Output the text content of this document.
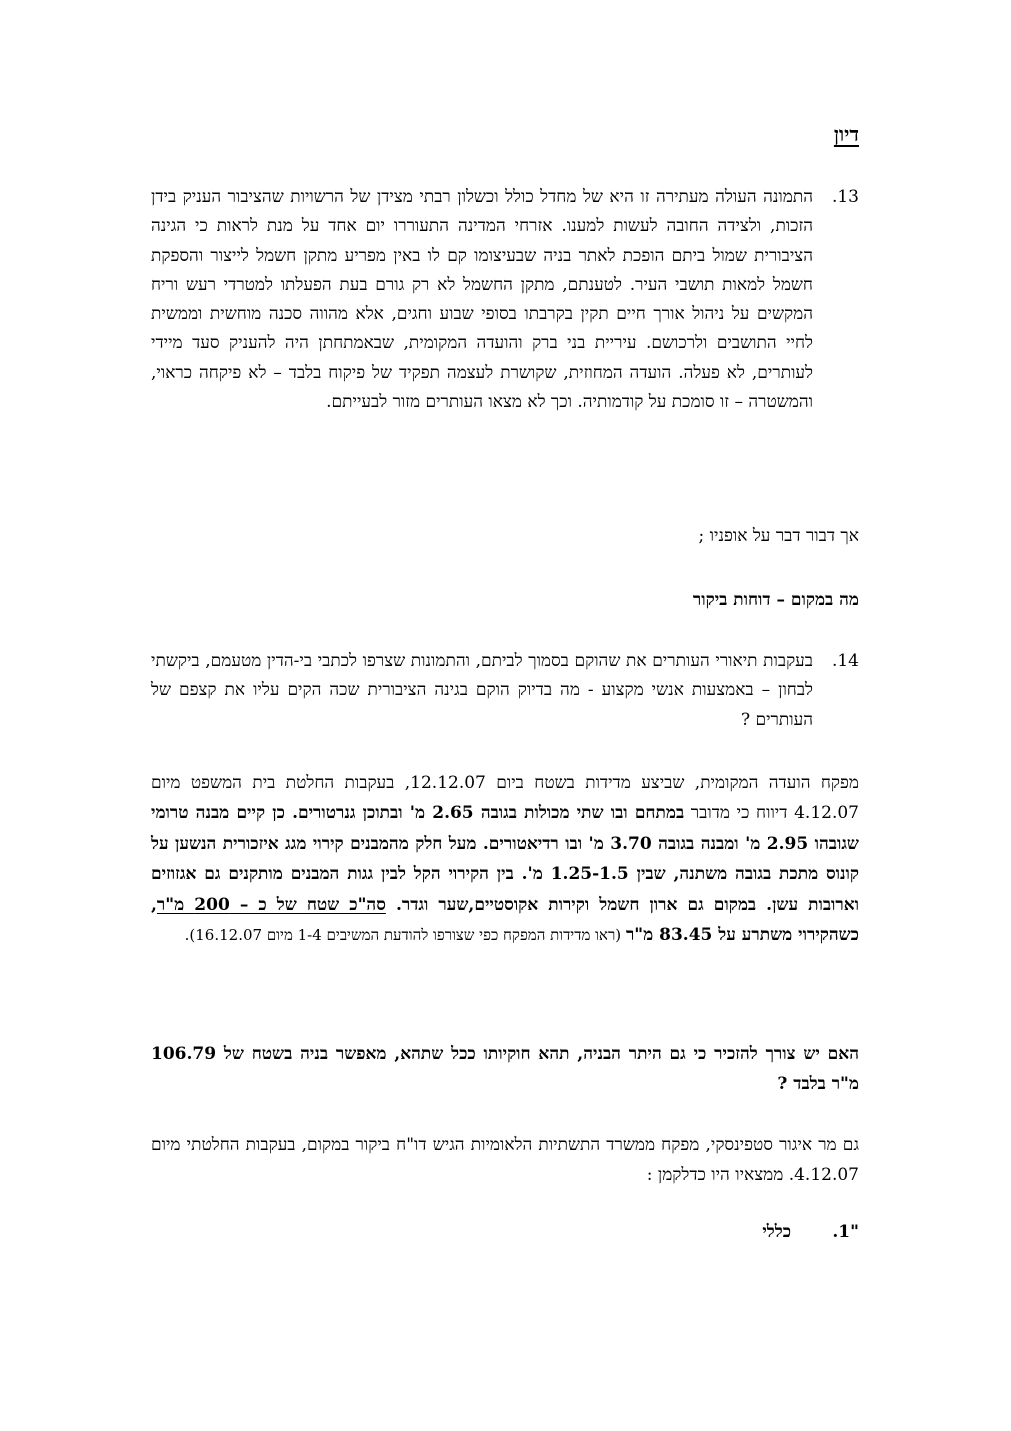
דיון
13.
התמונה העולה מעתירה זו היא של מחדל כולל וכשלון רבתי מצידן של הרשויות שהציבור העניק בידן הזכות, ולצידה החובה לעשות למענו. אזרחי המדינה התעוררו יום אחד על מנת לראות כי הגינה הציבורית שמול ביתם הופכת לאתר בניה שבעיצומו קם לו באין מפריע מתקן חשמל לייצור והספקת חשמל למאות תושבי העיר. לטענתם, מתקן החשמל לא רק גורם בעת הפעלתו למטרדי רעש וריח המקשים על ניהול אורך חיים תקין בקרבתו בסופי שבוע וחגים, אלא מהווה סכנה מוחשית וממשית לחיי התושבים ולרכושם. עיריית בני ברק והועדה המקומית, שבאמתחתן היה להעניק סעד מיידי לעותרים, לא פעלה. הועדה המחוזית, שקושרת לעצמה תפקיד של פיקוח בלבד – לא פיקחה כראוי, והמשטרה – זו סומכת על קודמותיה. וכך לא מצאו העותרים מזור לבעייתם.
אך דבור דבר על אופניו ;
מה במקום – דוחות ביקור
14.
בעקבות תיאורי העותרים את שהוקם בסמוך לביתם, והתמונות שצרפו לכתבי בי-הדין מטעמם, ביקשתי לבחון – באמצעות אנשי מקצוע - מה בדיוק הוקם בגינה הציבורית שכה הקים עליו את קצפם של העותרים ?
מפקח הועדה המקומית, שביצע מדידות בשטח ביום 12.12.07, בעקבות החלטת בית המשפט מיום 4.12.07 דיווח כי מדובר במתחם ובו שתי מכולות בגובה 2.65 מ' ובתוכן גנרטורים. כן קיים מבנה טרומי שגובהו 2.95 מ' ומבנה בגובה 3.70 מ' ובו רדיאטורים. מעל חלק מהמבנים קירוי מגג איזכורית הנשען על קונוס מתכת בגובה משתנה, שבין 1.25-1.5 מ'. בין הקירוי הקל לבין גגות המבנים מותקנים גם אגזוזים וארובות עשן. במקום גם ארון חשמל וקירות אקוסטיים,שער וגדר. סה"כ שטח של כ – 200 מ"ר, כשהקירוי משתרע על 83.45 מ"ר (ראו מדידות המפקח כפי שצורפו להודעת המשיבים 1-4 מיום 16.12.07).
האם יש צורך להזכיר כי גם היתר הבניה, תהא חוקיותו ככל שתהא, מאפשר בניה בשטח של 106.79 מ"ר בלבד ?
גם מר איגור סטפינסקי, מפקח ממשרד התשתיות הלאומיות הגיש דו"ח ביקור במקום, בעקבות החלטתי מיום 4.12.07. ממצאיו היו כדלקמן :
"1.כללי
